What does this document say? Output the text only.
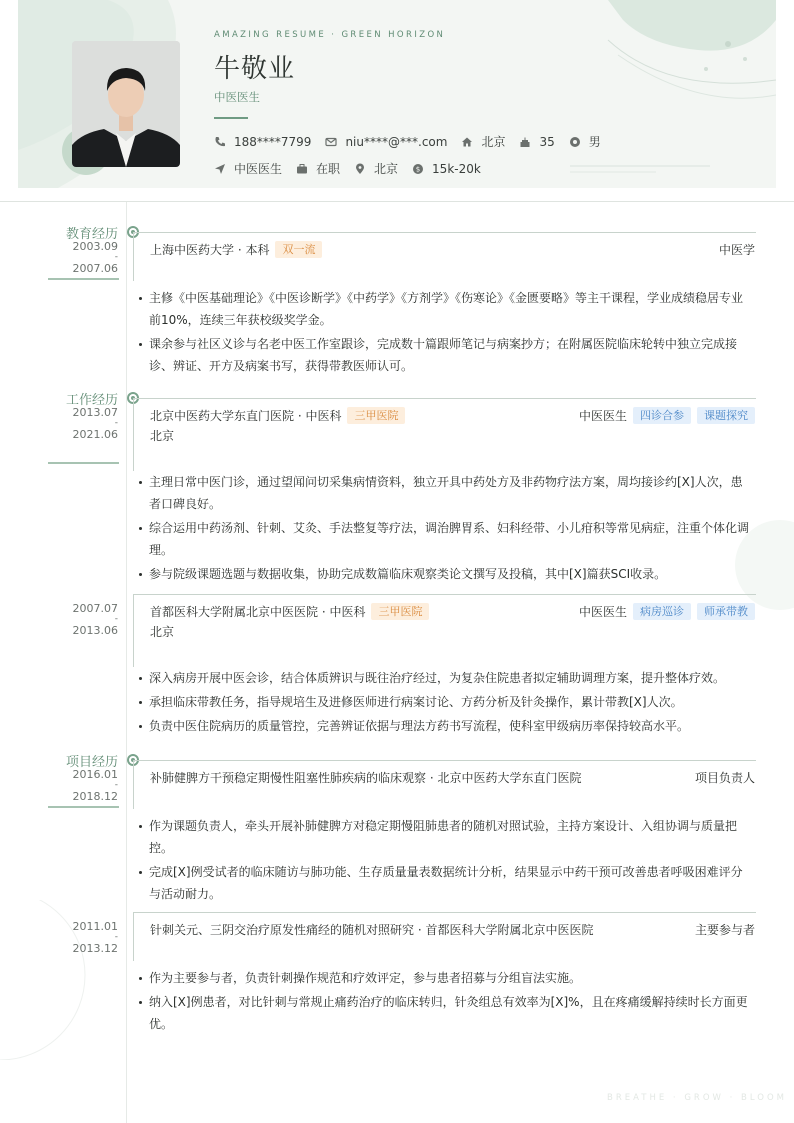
AMAZING RESUME · GREEN HORIZON
牛敬业
中医医生
188****7799	niu****@***.com	北京	35	男
中医医生	在职	北京	$ 15k-20k
教育经历
2003.09
-
2007.06
上海中医药大学 · 本科	双一流	中医学
主修《中医基础理论》《中医诊断学》《中药学》《方剂学》《伤寒论》《金匮要略》等主干课程，学业成绩稳居专业前10%，连续三年获校级奖学金。
课余参与社区义诊与名老中医工作室跟诊，完成数十篇跟师笔记与病案抄方；在附属医院临床轮转中独立完成接诊、辨证、开方及病案书写，获得带教医师认可。
工作经历
2013.07
-
2021.06
北京中医药大学东直门医院 · 中医科	三甲医院	中医医生	四诊合参	课题探究
北京
主理日常中医门诊，通过望闻问切采集病情资料，独立开具中药处方及非药物疗法方案，周均接诊约[X]人次，患者口碑良好。
综合运用中药汤剂、针刺、艾灸、手法整复等疗法，调治脾胃系、妇科经带、小儿疳积等常见病症，注重个体化调理。
参与院级课题选题与数据收集，协助完成数篇临床观察类论文撰写及投稿，其中[X]篇获SCI收录。
2007.07
-
2013.06
首都医科大学附属北京中医医院 · 中医科	三甲医院	中医医生	病房巡诊	师承带教
北京
深入病房开展中医会诊，结合体质辨识与既往治疗经过，为复杂住院患者拟定辅助调理方案，提升整体疗效。
承担临床带教任务，指导规培生及进修医师进行病案讨论、方药分析及针灸操作，累计带教[X]人次。
负责中医住院病历的质量管控，完善辨证依据与理法方药书写流程，使科室甲级病历率保持较高水平。
项目经历
2016.01
-
2018.12
补肺健脾方干预稳定期慢性阻塞性肺疾病的临床观察 · 北京中医药大学东直门医院	项目负责人
作为课题负责人，牵头开展补肺健脾方对稳定期慢阻肺患者的随机对照试验，主持方案设计、入组协调与质量把控。
完成[X]例受试者的临床随访与肺功能、生存质量量表数据统计分析，结果显示中药干预可改善患者呼吸困难评分与活动耐力。
2011.01
-
2013.12
针刺关元、三阴交治疗原发性痛经的随机对照研究 · 首都医科大学附属北京中医医院	主要参与者
作为主要参与者，负责针刺操作规范和疗效评定，参与患者招募与分组盲法实施。
纳入[X]例患者，对比针刺与常规止痛药治疗的临床转归，针灸组总有效率为[X]%，且在疼痛缓解持续时长方面更优。
BREATHE · GROW · BLOOM
